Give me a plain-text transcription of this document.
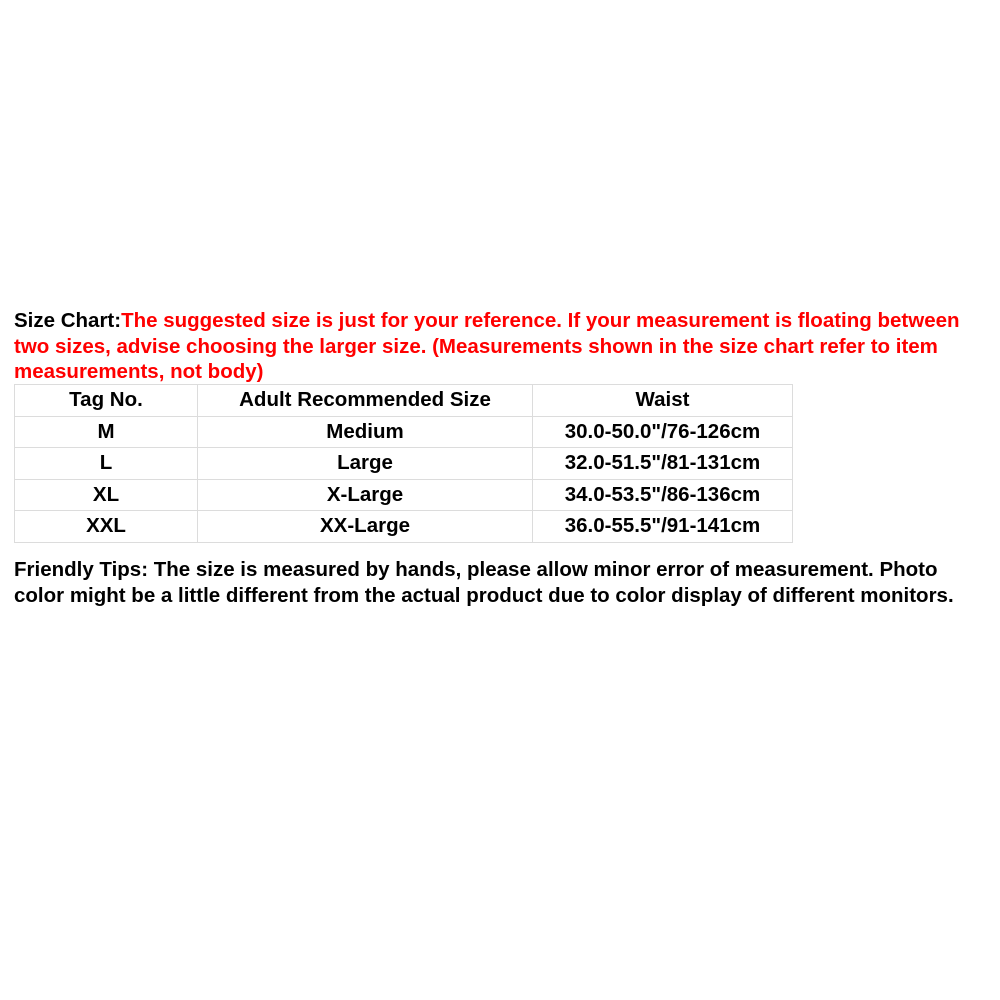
Size Chart:The suggested size is just for your reference. If your measurement is floating between two sizes, advise choosing the larger size. (Measurements shown in the size chart refer to item measurements, not body)

Tag No.	Adult Recommended Size	Waist
M	Medium	30.0-50.0"/76-126cm
L	Large	32.0-51.5"/81-131cm
XL	X-Large	34.0-53.5"/86-136cm
XXL	XX-Large	36.0-55.5"/91-141cm

Friendly Tips: The size is measured by hands, please allow minor error of measurement. Photo color might be a little different from the actual product due to color display of different monitors.
